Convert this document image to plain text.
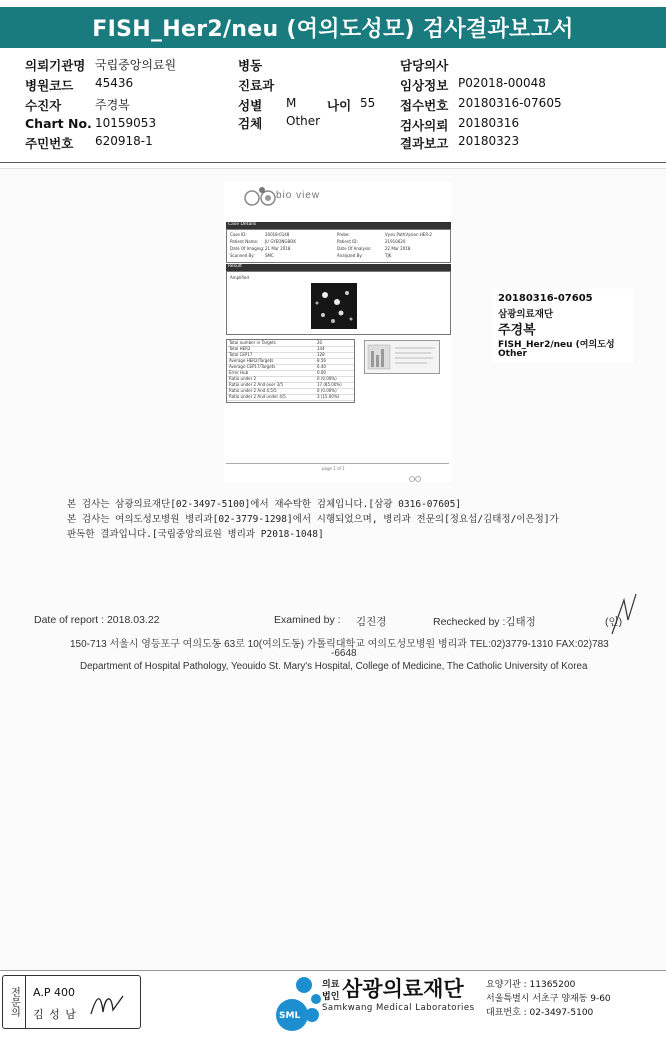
FISH_Her2/neu (여의도성모) 검사결과보고서
의뢰기관명 국립중앙의료원
병원코드 45436
수진자	주경복
Chart No. 10159053
주민번호 620918-1
병동
진료과
성별 M 나이 55
검체 Other
담당의사
임상정보 P02018-00048
접수번호 20180316-07605
검사의뢰 20180316
결과보고 20180323
bio view
Case Details
Case ID:	20018-0148	Probe:	Vysis PathVysion HER-2
Patient Name: JU GYEONGBOK	Patient ID:	21910620
Date Of Imaging: 21 Mar 2018	Date Of Analysis:	22 Mar 2018
Scanned By:	SMC	Analyzed By:	TJK
Result
Amplified
Total number in Targets	20
Total HER2	144
Total CEP17	128
Average HER2/Targets	8.56
Average CEP17/Targets	6.40
Error Hub	0.00
Ratio under 2	0 (0.00%)
Ratio under 2 And over 3/5	17 (85.00%)
Ratio under 2 And 4.5/5	0 (0.00%)
Ratio under 2 And under 4/5	3 (15.00%)
page 1 of 1
20180316-07605
삼광의료재단
주경복
FISH_Her2/neu (여의도성
Other
본 검사는 삼광의료재단[02-3497-5100]에서 재수탁한 검체입니다.[삼광 0316-07605]
본 검사는 여의도성모병원 병리과[02-3779-1298]에서 시행되었으며, 병리과 전문의[정요섭/김태정/이은정]가
판독한 결과입니다.[국립중앙의료원 병리과 P2018-1048]
Date of report : 2018.03.22	Examined by : 김진경	Rechecked by :김태정	(인)
150-713 서울시 영등포구 여의도동 63로 10(여의도동) 가톨릭대학교 여의도성모병원 병리과 TEL:02)3779-1310 FAX:02)783
-6648
Department of Hospital Pathology, Yeouido St. Mary's Hospital, College of Medicine, The Catholic University of Korea
전문의 A.P 400
김 성 남	SML
의료
법인 삼광의료재단
Samkwang Medical Laboratories
요양기관 : 11365200
서울특별시 서초구 양재동 9-60
대표번호 : 02-3497-5100
